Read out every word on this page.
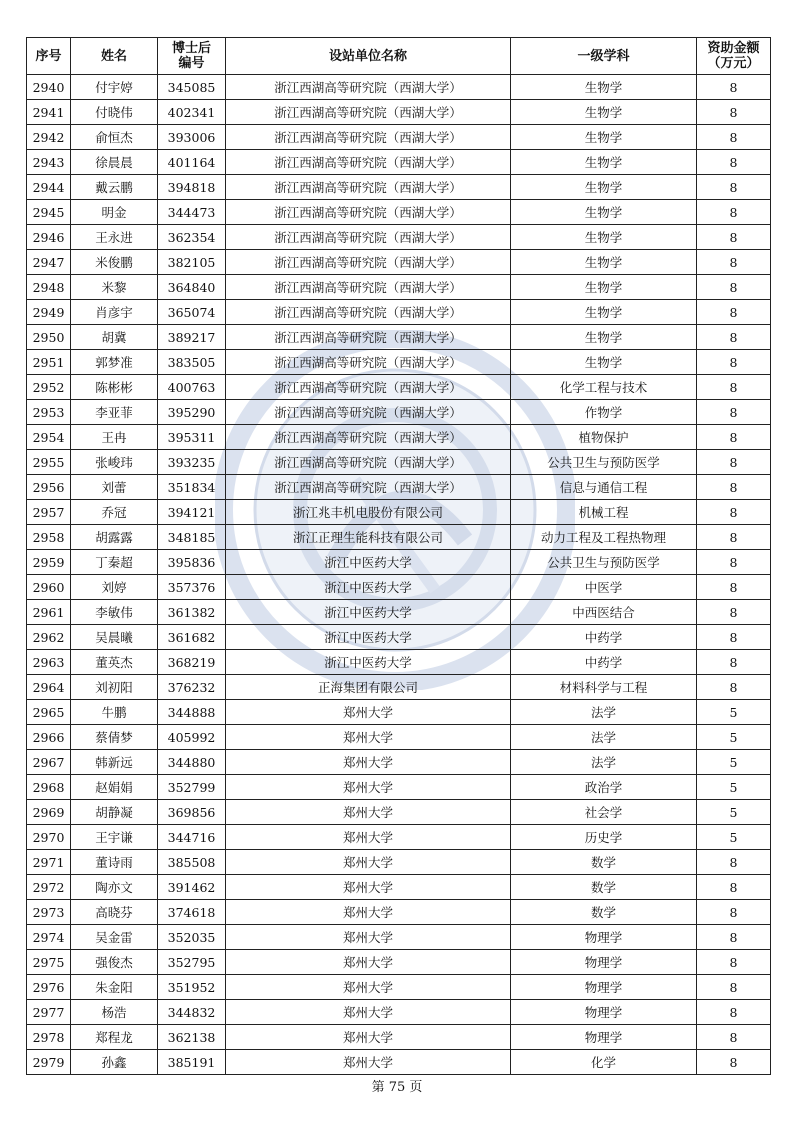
序号	姓名	博士后编号	设站单位名称	一级学科	资助金额（万元）
2940	付宇婷	345085	浙江西湖高等研究院（西湖大学）	生物学	8
2941	付晓伟	402341	浙江西湖高等研究院（西湖大学）	生物学	8
2942	俞恒杰	393006	浙江西湖高等研究院（西湖大学）	生物学	8
2943	徐晨晨	401164	浙江西湖高等研究院（西湖大学）	生物学	8
2944	戴云鹏	394818	浙江西湖高等研究院（西湖大学）	生物学	8
2945	明金	344473	浙江西湖高等研究院（西湖大学）	生物学	8
2946	王永进	362354	浙江西湖高等研究院（西湖大学）	生物学	8
2947	米俊鹏	382105	浙江西湖高等研究院（西湖大学）	生物学	8
2948	米黎	364840	浙江西湖高等研究院（西湖大学）	生物学	8
2949	肖彦宇	365074	浙江西湖高等研究院（西湖大学）	生物学	8
2950	胡冀	389217	浙江西湖高等研究院（西湖大学）	生物学	8
2951	郭梦准	383505	浙江西湖高等研究院（西湖大学）	生物学	8
2952	陈彬彬	400763	浙江西湖高等研究院（西湖大学）	化学工程与技术	8
2953	李亚菲	395290	浙江西湖高等研究院（西湖大学）	作物学	8
2954	王冉	395311	浙江西湖高等研究院（西湖大学）	植物保护	8
2955	张峻玮	393235	浙江西湖高等研究院（西湖大学）	公共卫生与预防医学	8
2956	刘蕾	351834	浙江西湖高等研究院（西湖大学）	信息与通信工程	8
2957	乔冠	394121	浙江兆丰机电股份有限公司	机械工程	8
2958	胡露露	348185	浙江正理生能科技有限公司	动力工程及工程热物理	8
2959	丁秦超	395836	浙江中医药大学	公共卫生与预防医学	8
2960	刘婷	357376	浙江中医药大学	中医学	8
2961	李敏伟	361382	浙江中医药大学	中西医结合	8
2962	吴晨曦	361682	浙江中医药大学	中药学	8
2963	董英杰	368219	浙江中医药大学	中药学	8
2964	刘初阳	376232	正海集团有限公司	材料科学与工程	8
2965	牛鹏	344888	郑州大学	法学	5
2966	蔡倩梦	405992	郑州大学	法学	5
2967	韩新远	344880	郑州大学	法学	5
2968	赵娟娟	352799	郑州大学	政治学	5
2969	胡静凝	369856	郑州大学	社会学	5
2970	王宇谦	344716	郑州大学	历史学	5
2971	董诗雨	385508	郑州大学	数学	8
2972	陶亦文	391462	郑州大学	数学	8
2973	高晓芬	374618	郑州大学	数学	8
2974	吴金雷	352035	郑州大学	物理学	8
2975	强俊杰	352795	郑州大学	物理学	8
2976	朱金阳	351952	郑州大学	物理学	8
2977	杨浩	344832	郑州大学	物理学	8
2978	郑程龙	362138	郑州大学	物理学	8
2979	孙鑫	385191	郑州大学	化学	8
第 75 页
